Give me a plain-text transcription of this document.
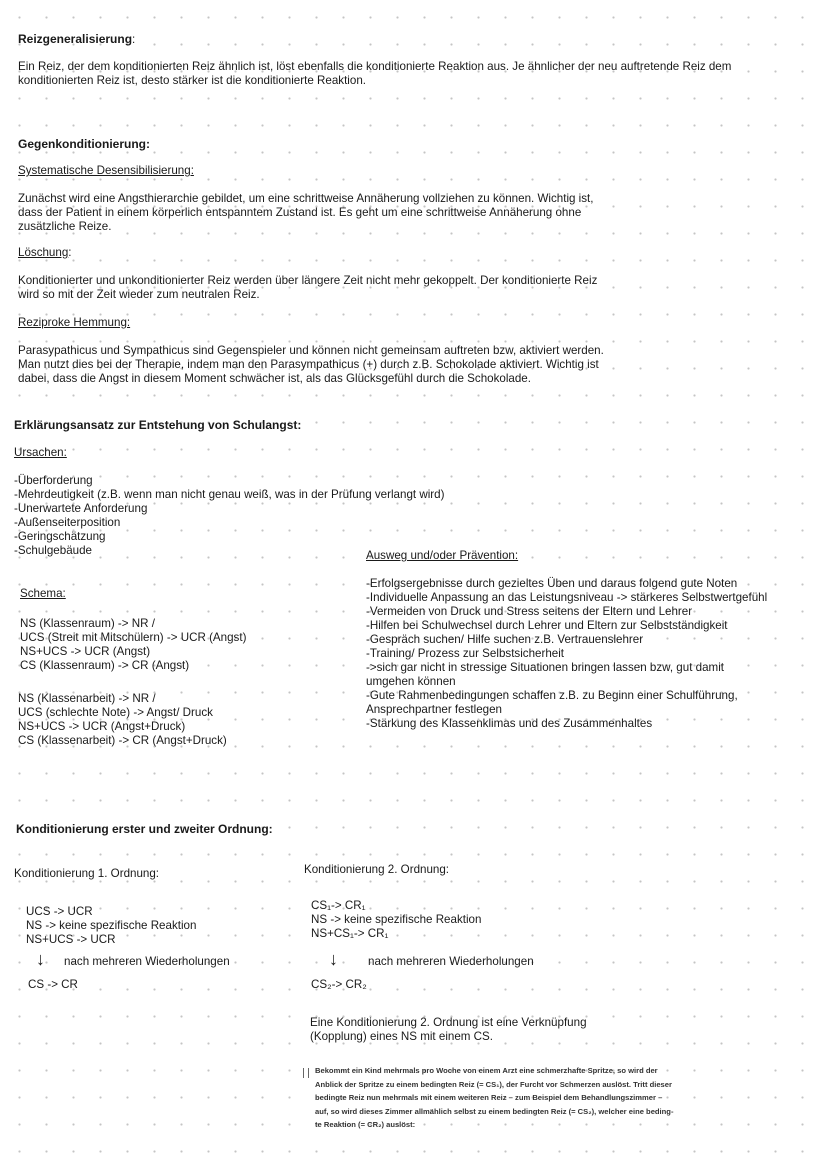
Reizgeneralisierung:
Ein Reiz, der dem konditionierten Reiz ähnlich ist, löst ebenfalls die konditionierte Reaktion aus. Je ähnlicher der neu auftretende Reiz dem
konditionierten Reiz ist, desto stärker ist die konditionierte Reaktion.
Gegenkonditionierung:
Systematische Desensibilisierung:
Zunächst wird eine Angsthierarchie gebildet, um eine schrittweise Annäherung vollziehen zu können. Wichtig ist,
dass der Patient in einem körperlich entspanntem Zustand ist. Es geht um eine schrittweise Annäherung ohne
zusätzliche Reize.
Löschung:
Konditionierter und unkonditionierter Reiz werden über längere Zeit nicht mehr gekoppelt. Der konditionierte Reiz
wird so mit der Zeit wieder zum neutralen Reiz.
Reziproke Hemmung:
Parasypathicus und Sympathicus sind Gegenspieler und können nicht gemeinsam auftreten bzw, aktiviert werden.
Man nutzt dies bei der Therapie, indem man den Parasympathicus (+) durch z.B. Schokolade aktiviert. Wichtig ist
dabei, dass die Angst in diesem Moment schwächer ist, als das Glücksgefühl durch die Schokolade.
Erklärungsansatz zur Entstehung von Schulangst:
Ursachen:
-Überforderung
-Mehrdeutigkeit (z.B. wenn man nicht genau weiß, was in der Prüfung verlangt wird)
-Unerwartete Anforderung
-Außenseiterposition
-Geringschätzung
-Schulgebäude
Schema:
NS (Klassenraum) -> NR /
UCS (Streit mit Mitschülern) -> UCR (Angst)
NS+UCS -> UCR (Angst)
CS (Klassenraum) -> CR (Angst)
NS (Klassenarbeit) -> NR /
UCS (schlechte Note) -> Angst/ Druck
NS+UCS -> UCR (Angst+Druck)
CS (Klassenarbeit) -> CR (Angst+Druck)
Ausweg und/oder Prävention:
-Erfolgsergebnisse durch gezieltes Üben und daraus folgend gute Noten
-Individuelle Anpassung an das Leistungsniveau -> stärkeres Selbstwertgefühl
-Vermeiden von Druck und Stress seitens der Eltern und Lehrer
-Hilfen bei Schulwechsel durch Lehrer und Eltern zur Selbstständigkeit
-Gespräch suchen/ Hilfe suchen z.B. Vertrauenslehrer
-Training/ Prozess zur Selbstsicherheit
->sich gar nicht in stressige Situationen bringen lassen bzw, gut damit
umgehen können
-Gute Rahmenbedingungen schaffen z.B. zu Beginn einer Schulführung,
Ansprechpartner festlegen
-Stärkung des Klassenklimas und des Zusammenhaltes
Konditionierung erster und zweiter Ordnung:
Konditionierung 1. Ordnung:
UCS -> UCR
NS -> keine spezifische Reaktion
NS+UCS -> UCR
↓ nach mehreren Wiederholungen
CS -> CR
Konditionierung 2. Ordnung:
CS₁-> CR₁
NS -> keine spezifische Reaktion
NS+CS₁-> CR₁
↓	nach mehreren Wiederholungen
CS₂-> CR₂
Eine Konditionierung 2. Ordnung ist eine Verknüpfung
(Kopplung) eines NS mit einem CS.
Bekommt ein Kind mehrmals pro Woche von einem Arzt eine schmerzhafte Spritze, so wird der
Anblick der Spritze zu einem bedingten Reiz (= CS₁), der Furcht vor Schmerzen auslöst. Tritt dieser
bedingte Reiz nun mehrmals mit einem weiteren Reiz – zum Beispiel dem Behandlungszimmer –
auf, so wird dieses Zimmer allmählich selbst zu einem bedingten Reiz (= CS₂), welcher eine beding-
te Reaktion (= CR₂) auslöst:
